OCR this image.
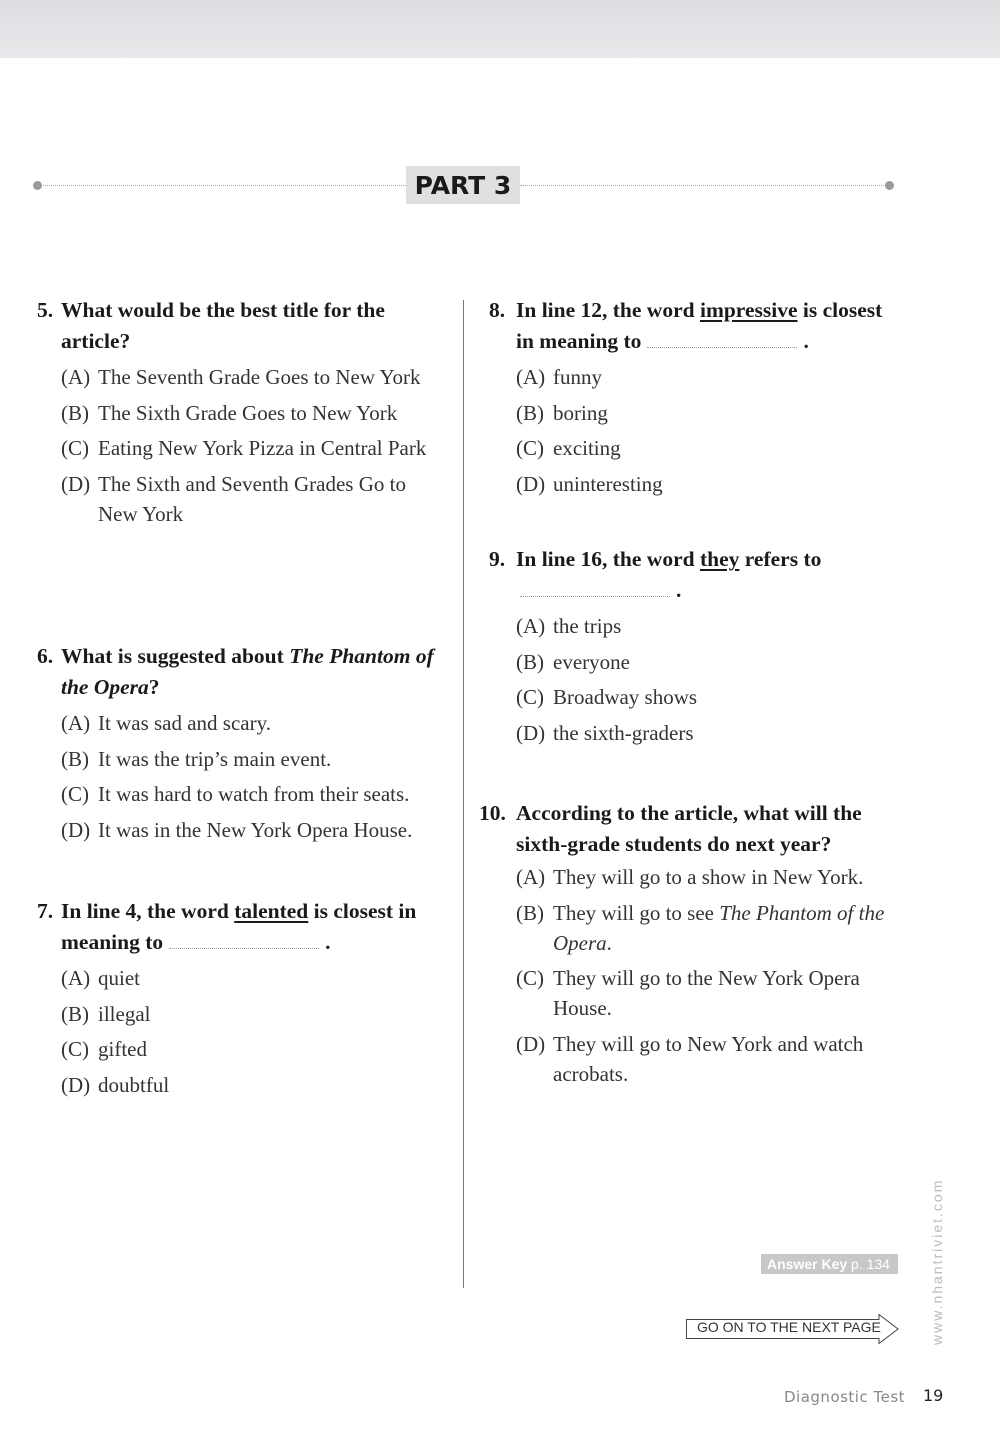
PART 3
5. What would be the best title for the article?
(A) The Seventh Grade Goes to New York
(B) The Sixth Grade Goes to New York
(C) Eating New York Pizza in Central Park
(D) The Sixth and Seventh Grades Go to New York
6. What is suggested about The Phantom of the Opera?
(A) It was sad and scary.
(B) It was the trip’s main event.
(C) It was hard to watch from their seats.
(D) It was in the New York Opera House.
7. In line 4, the word talented is closest in meaning to	.
(A) quiet
(B) illegal
(C) gifted
(D) doubtful
8. In line 12, the word impressive is closest in meaning to	.
(A) funny
(B) boring
(C) exciting
(D) uninteresting
9. In line 16, the word they refers to
.
(A) the trips
(B) everyone
(C) Broadway shows
(D) the sixth-graders
10. According to the article, what will the sixth-grade students do next year?
(A) They will go to a show in New York.
(B) They will go to see The Phantom of the Opera.
(C) They will go to the New York Opera House.
(D) They will go to New York and watch acrobats.
Answer Key p. 134	www.nhantriviet.com
GO ON TO THE NEXT PAGE
Diagnostic Test 19
